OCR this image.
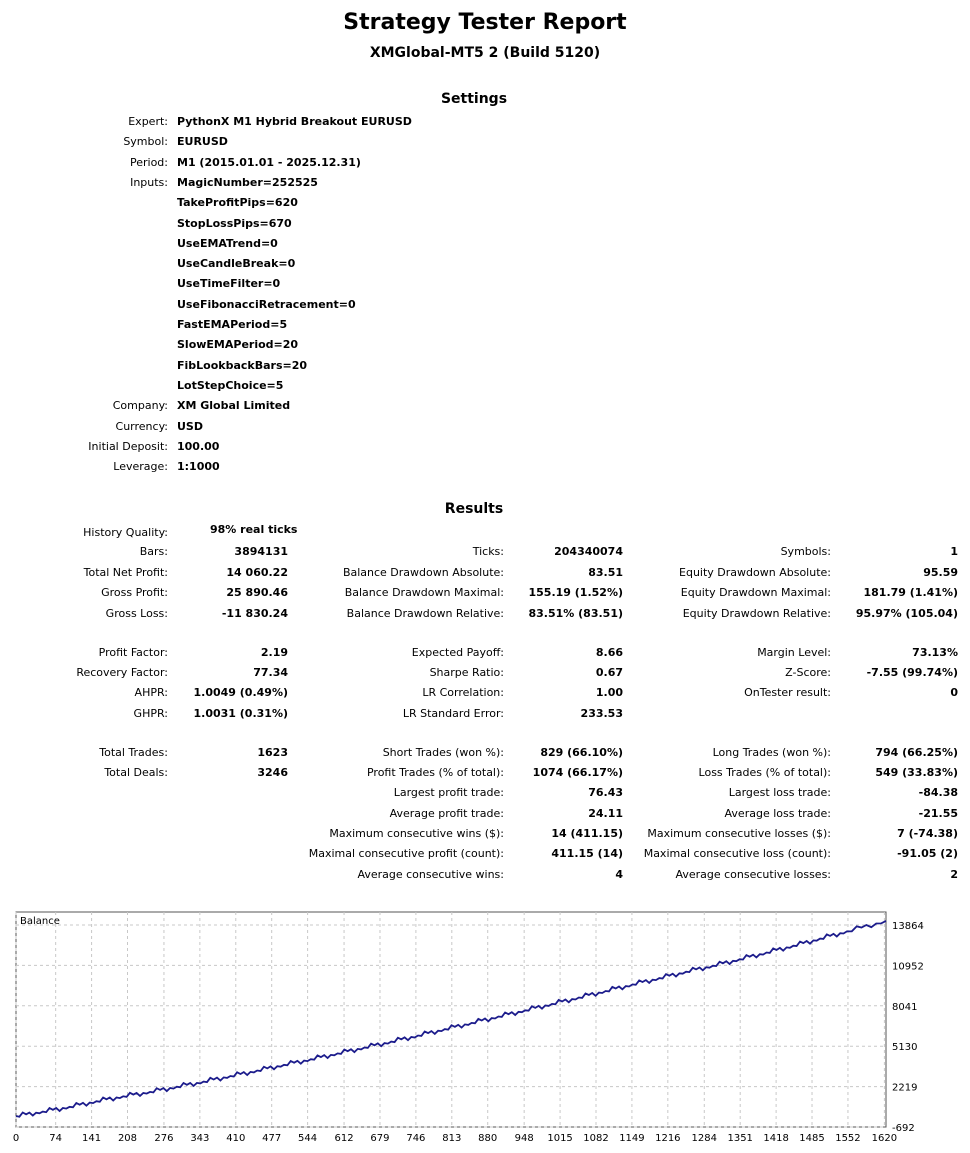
Strategy Tester Report
XMGlobal-MT5 2 (Build 5120)
Settings
Expert: PythonX M1 Hybrid Breakout EURUSD
Symbol: EURUSD
Period: M1 (2015.01.01 - 2025.12.31)
Inputs: MagicNumber=252525
TakeProfitPips=620
StopLossPips=670
UseEMATrend=0
UseCandleBreak=0
UseTimeFilter=0
UseFibonacciRetracement=0
FastEMAPeriod=5
SlowEMAPeriod=20
FibLookbackBars=20
LotStepChoice=5
Company: XM Global Limited
Currency: USD
Initial Deposit: 100.00
Leverage: 1:1000
Results
History Quality:	98% real ticks
Bars:	3894131	Ticks:	204340074	Symbols:	1
Total Net Profit:	14 060.22	Balance Drawdown Absolute:	83.51	Equity Drawdown Absolute:	95.59
Gross Profit:	25 890.46	Balance Drawdown Maximal:	155.19 (1.52%)	Equity Drawdown Maximal:	181.79 (1.41%)
Gross Loss:	-11 830.24	Balance Drawdown Relative:	83.51% (83.51)	Equity Drawdown Relative:	95.97% (105.04)
Profit Factor:	2.19	Expected Payoff:	8.66	Margin Level:	73.13%
Recovery Factor:	77.34	Sharpe Ratio:	0.67	Z-Score:	-7.55 (99.74%)
AHPR:	1.0049 (0.49%)	LR Correlation:	1.00	OnTester result:	0
GHPR:	1.0031 (0.31%)	LR Standard Error:	233.53
Total Trades:	1623	Short Trades (won %):	829 (66.10%)	Long Trades (won %):	794 (66.25%)
Total Deals:	3246	Profit Trades (% of total):	1074 (66.17%)	Loss Trades (% of total):	549 (33.83%)
Largest profit trade:	76.43	Largest loss trade:	-84.38
Average profit trade:	24.11	Average loss trade:	-21.55
Maximum consecutive wins ($):	14 (411.15)	Maximum consecutive losses ($):	7 (-74.38)
Maximal consecutive profit (count):	411.15 (14)	Maximal consecutive loss (count):	-91.05 (2)
Average consecutive wins:	4	Average consecutive losses:	2
Balance	13864
10952
8041
5130
2219
-692
0	74 141 208 276 343 410 477 544 612 679 746 813 880 948 1015 1082 1149 1216 1284 1351 1418 1485 1552 1620
